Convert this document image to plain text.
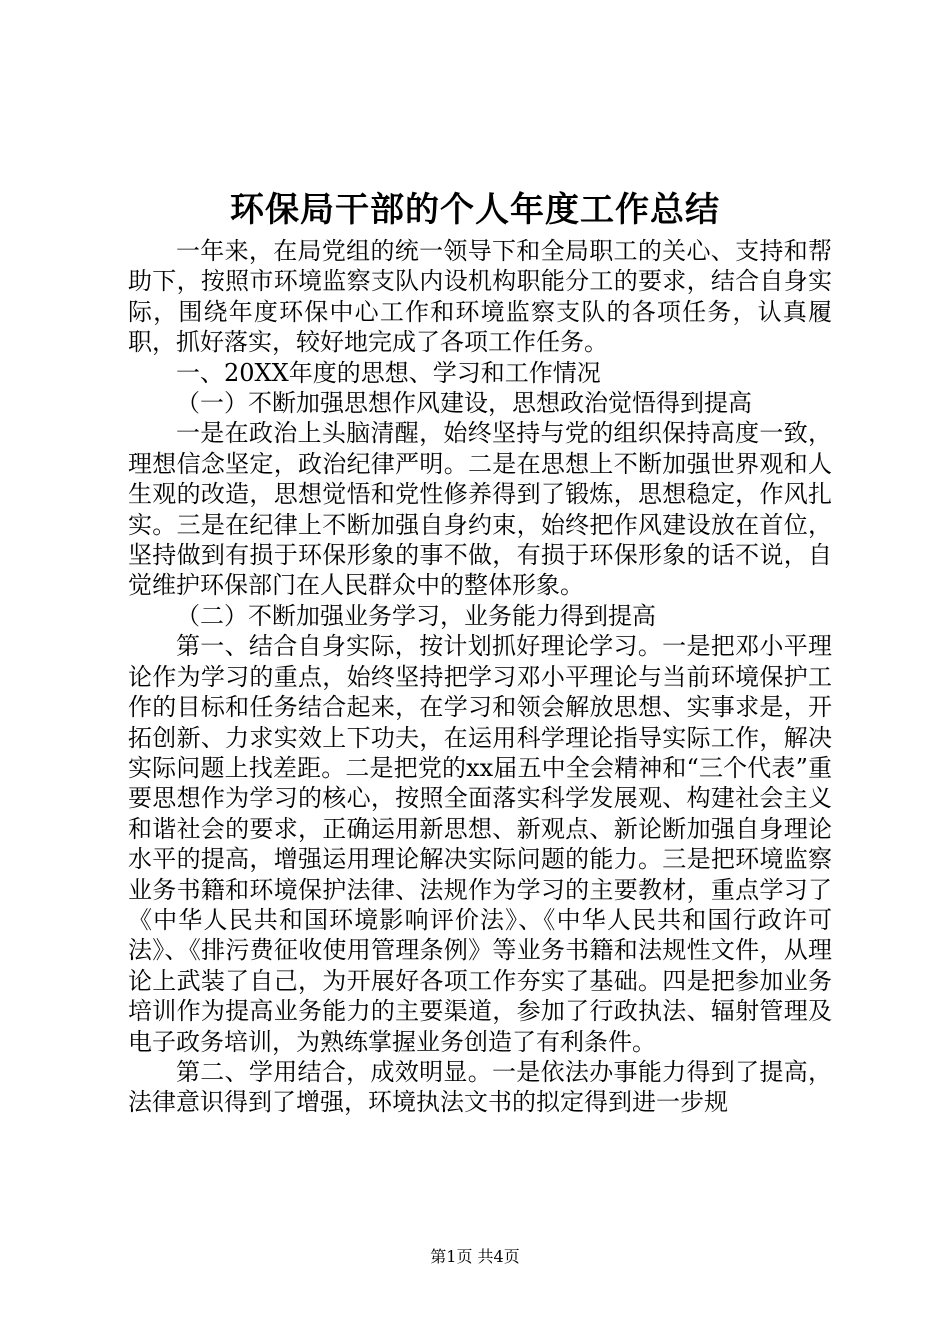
环保局干部的个人年度工作总结

一年来，在局党组的统一领导下和全局职工的关心、支持和帮助下，按照市环境监察支队内设机构职能分工的要求，结合自身实际，围绕年度环保中心工作和环境监察支队的各项任务，认真履职，抓好落实，较好地完成了各项工作任务。

一、20XX年度的思想、学习和工作情况

（一）不断加强思想作风建设，思想政治觉悟得到提高

一是在政治上头脑清醒，始终坚持与党的组织保持高度一致，理想信念坚定，政治纪律严明。二是在思想上不断加强世界观和人生观的改造，思想觉悟和党性修养得到了锻炼，思想稳定，作风扎实。三是在纪律上不断加强自身约束，始终把作风建设放在首位，坚持做到有损于环保形象的事不做，有损于环保形象的话不说，自觉维护环保部门在人民群众中的整体形象。

（二）不断加强业务学习，业务能力得到提高

第一、结合自身实际，按计划抓好理论学习。一是把邓小平理论作为学习的重点，始终坚持把学习邓小平理论与当前环境保护工作的目标和任务结合起来，在学习和领会解放思想、实事求是，开拓创新、力求实效上下功夫，在运用科学理论指导实际工作，解决实际问题上找差距。二是把党的xx届五中全会精神和“三个代表”重要思想作为学习的核心，按照全面落实科学发展观、构建社会主义和谐社会的要求，正确运用新思想、新观点、新论断加强自身理论水平的提高，增强运用理论解决实际问题的能力。三是把环境监察业务书籍和环境保护法律、法规作为学习的主要教材，重点学习了《中华人民共和国环境影响评价法》、《中华人民共和国行政许可法》、《排污费征收使用管理条例》等业务书籍和法规性文件，从理论上武装了自己，为开展好各项工作夯实了基础。四是把参加业务培训作为提高业务能力的主要渠道，参加了行政执法、辐射管理及电子政务培训，为熟练掌握业务创造了有利条件。

第二、学用结合，成效明显。一是依法办事能力得到了提高，法律意识得到了增强，环境执法文书的拟定得到进一步规

第1页 共4页
